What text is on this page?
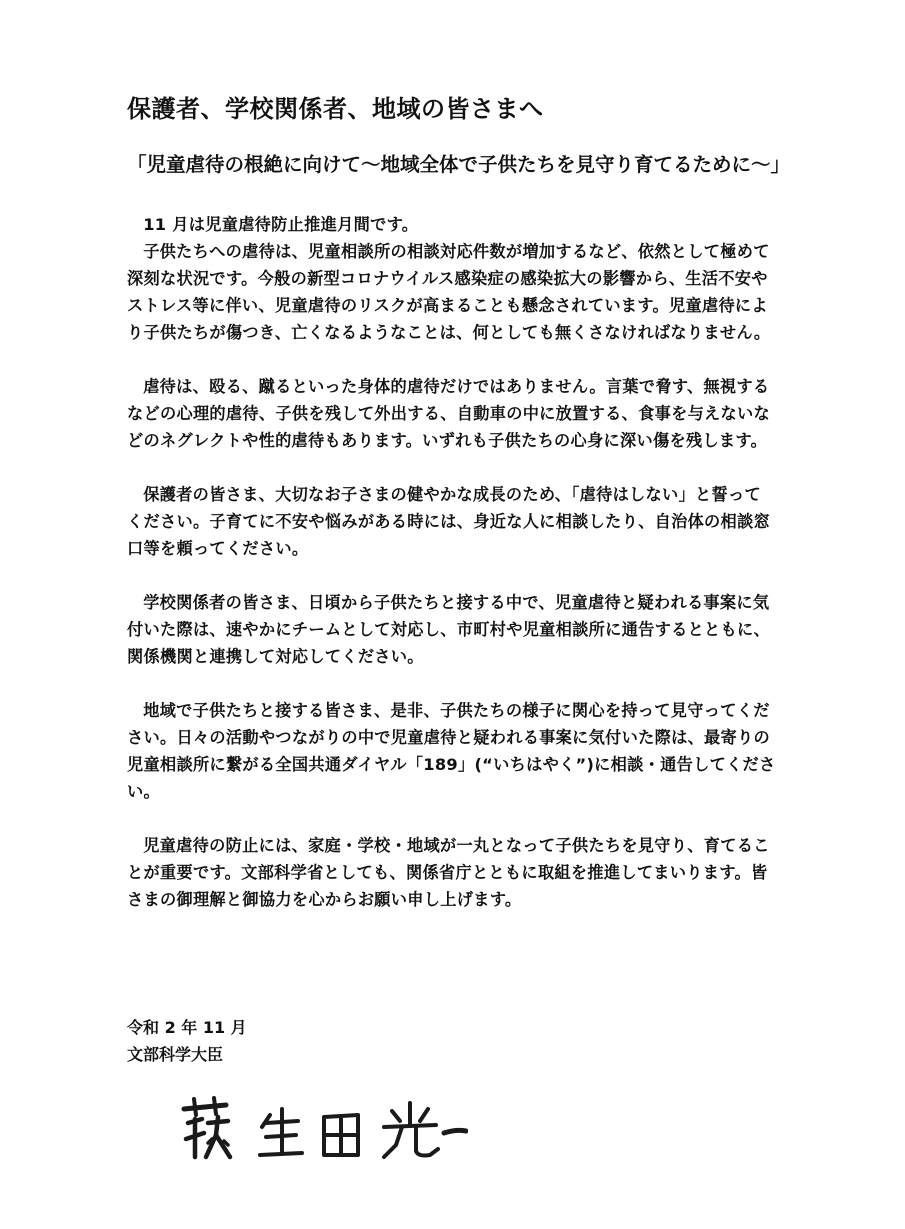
保護者、学校関係者、地域の皆さまへ
「児童虐待の根絶に向けて～地域全体で子供たちを見守り育てるために～」

11 月は児童虐待防止推進月間です。

子供たちへの虐待は、児童相談所の相談対応件数が増加するなど、依然として極めて深刻な状況です。今般の新型コロナウイルス感染症の感染拡大の影響から、生活不安やストレス等に伴い、児童虐待のリスクが高まることも懸念されています。児童虐待により子供たちが傷つき、亡くなるようなことは、何としても無くさなければなりません。

虐待は、殴る、蹴るといった身体的虐待だけではありません。言葉で脅す、無視するなどの心理的虐待、子供を残して外出する、自動車の中に放置する、食事を与えないなどのネグレクトや性的虐待もあります。いずれも子供たちの心身に深い傷を残します。

保護者の皆さま、大切なお子さまの健やかな成長のため、「虐待はしない」と誓ってください。子育てに不安や悩みがある時には、身近な人に相談したり、自治体の相談窓口等を頼ってください。

学校関係者の皆さま、日頃から子供たちと接する中で、児童虐待と疑われる事案に気付いた際は、速やかにチームとして対応し、市町村や児童相談所に通告するとともに、関係機関と連携して対応してください。

地域で子供たちと接する皆さま、是非、子供たちの様子に関心を持って見守ってください。日々の活動やつながりの中で児童虐待と疑われる事案に気付いた際は、最寄りの児童相談所に繋がる全国共通ダイヤル「189」(“いちはやく”)に相談・通告してください。

児童虐待の防止には、家庭・学校・地域が一丸となって子供たちを見守り、育てることが重要です。文部科学省としても、関係省庁とともに取組を推進してまいります。皆さまの御理解と御協力を心からお願い申し上げます。

令和 2 年 11 月
文部科学大臣
